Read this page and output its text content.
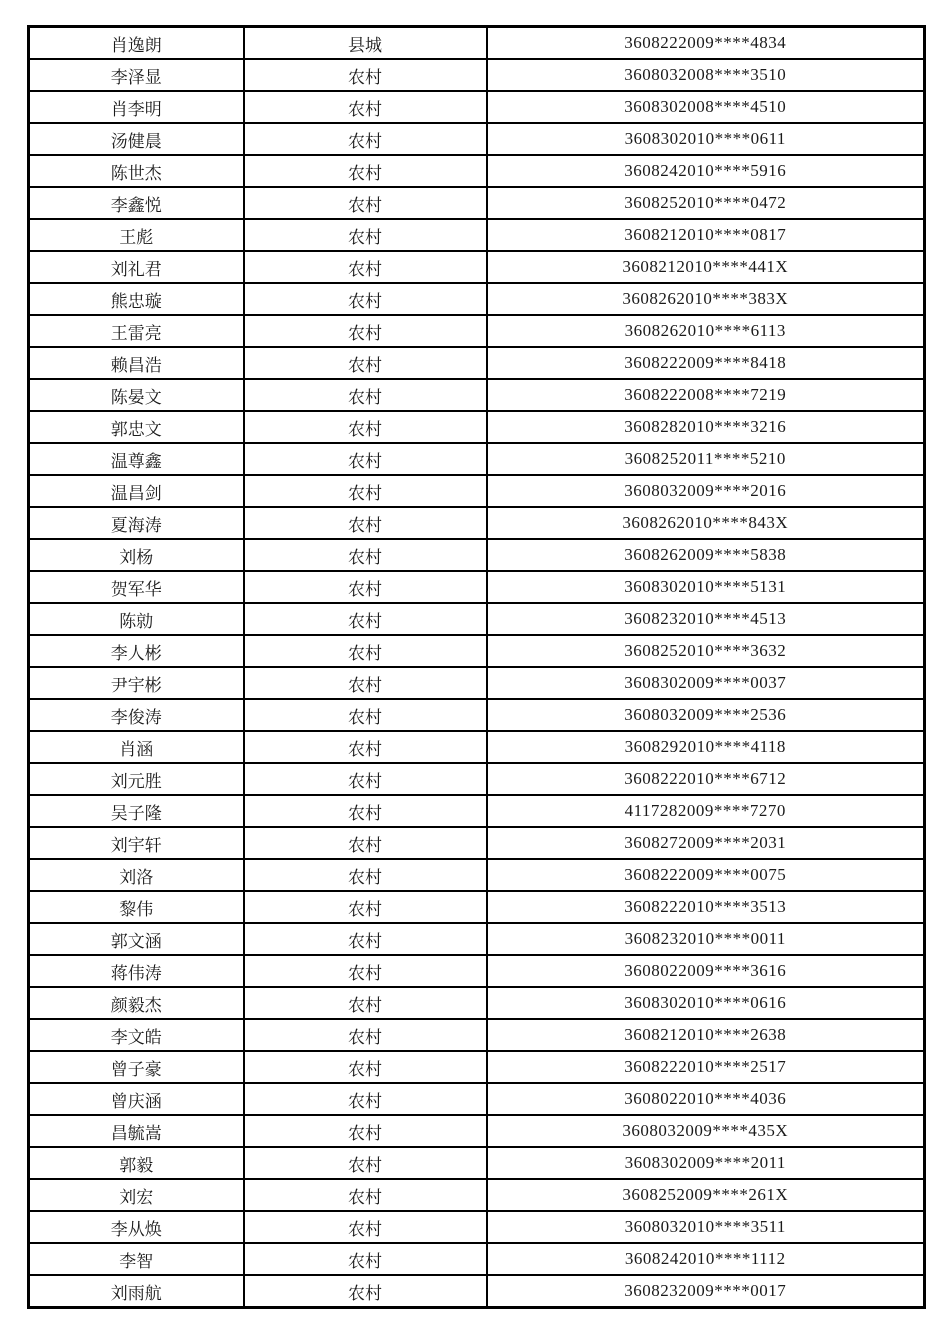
肖逸朗	县城	3608222009****4834
李泽显	农村	3608032008****3510
肖李明	农村	3608302008****4510
汤健晨	农村	3608302010****0611
陈世杰	农村	3608242010****5916
李鑫悦	农村	3608252010****0472
王彪	农村	3608212010****0817
刘礼君	农村	3608212010****441X
熊忠璇	农村	3608262010****383X
王雷亮	农村	3608262010****6113
赖昌浩	农村	3608222009****8418
陈晏文	农村	3608222008****7219
郭忠文	农村	3608282010****3216
温尊鑫	农村	3608252011****5210
温昌剑	农村	3608032009****2016
夏海涛	农村	3608262010****843X
刘杨	农村	3608262009****5838
贺军华	农村	3608302010****5131
陈勍	农村	3608232010****4513
李人彬	农村	3608252010****3632
尹宇彬	农村	3608302009****0037
李俊涛	农村	3608032009****2536
肖涵	农村	3608292010****4118
刘元胜	农村	3608222010****6712
吴子隆	农村	4117282009****7270
刘宇轩	农村	3608272009****2031
刘洛	农村	3608222009****0075
黎伟	农村	3608222010****3513
郭文涵	农村	3608232010****0011
蒋伟涛	农村	3608022009****3616
颜毅杰	农村	3608302010****0616
李文皓	农村	3608212010****2638
曾子豪	农村	3608222010****2517
曾庆涵	农村	3608022010****4036
昌毓嵩	农村	3608032009****435X
郭毅	农村	3608302009****2011
刘宏	农村	3608252009****261X
李从焕	农村	3608032010****3511
李智	农村	3608242010****1112
刘雨航	农村	3608232009****0017
